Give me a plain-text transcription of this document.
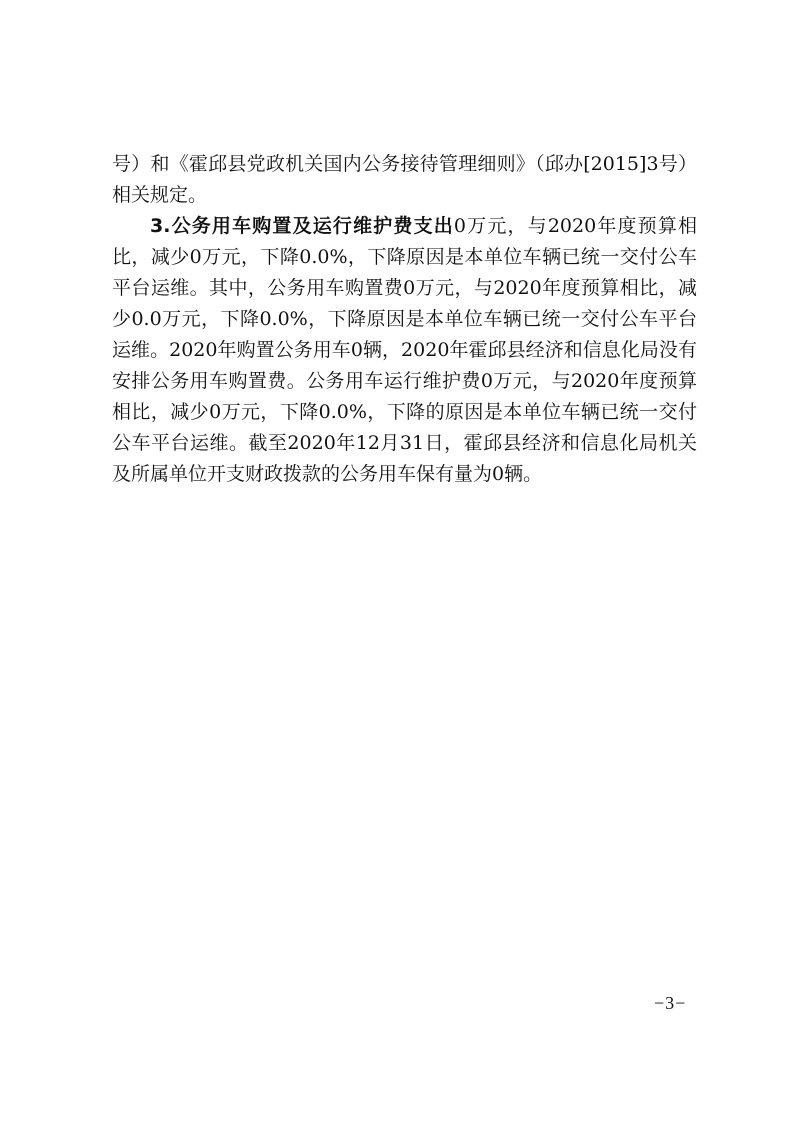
号）和《霍邱县党政机关国内公务接待管理细则》（邱办[2015]3号）相关规定。

3.公务用车购置及运行维护费支出0万元，与2020年度预算相比，减少0万元，下降0.0%，下降原因是本单位车辆已统一交付公车平台运维。其中，公务用车购置费0万元，与2020年度预算相比，减少0.0万元，下降0.0%，下降原因是本单位车辆已统一交付公车平台运维。2020年购置公务用车0辆，2020年霍邱县经济和信息化局没有安排公务用车购置费。公务用车运行维护费0万元，与2020年度预算相比，减少0万元，下降0.0%，下降的原因是本单位车辆已统一交付公车平台运维。截至2020年12月31日，霍邱县经济和信息化局机关及所属单位开支财政拨款的公务用车保有量为0辆。

−3−
